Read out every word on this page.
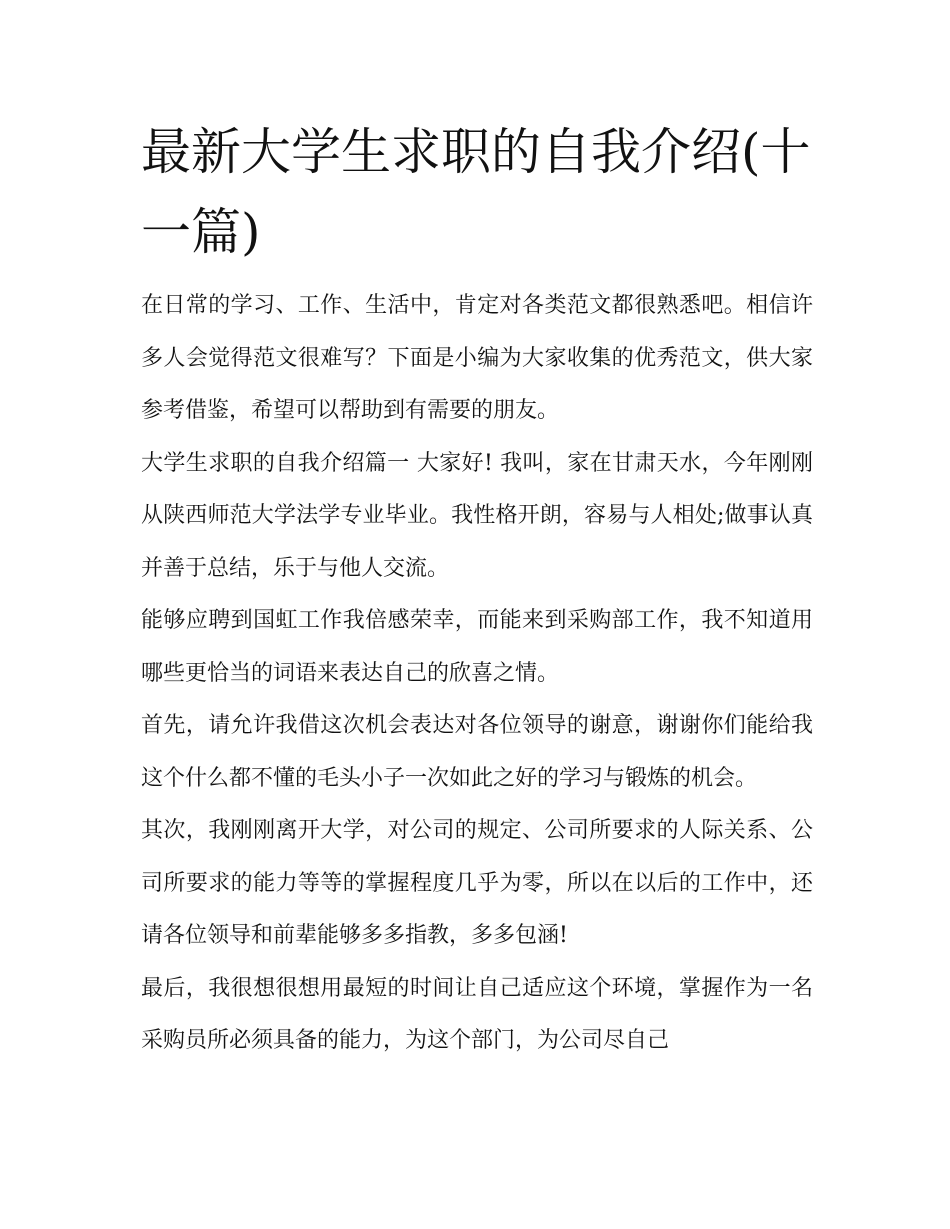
最新大学生求职的自我介绍(十一篇)

在日常的学习、工作、生活中，肯定对各类范文都很熟悉吧。相信许多人会觉得范文很难写？下面是小编为大家收集的优秀范文，供大家参考借鉴，希望可以帮助到有需要的朋友。

大学生求职的自我介绍篇一 大家好! 我叫，家在甘肃天水，今年刚刚从陕西师范大学法学专业毕业。我性格开朗，容易与人相处;做事认真并善于总结，乐于与他人交流。

能够应聘到国虹工作我倍感荣幸，而能来到采购部工作，我不知道用哪些更恰当的词语来表达自己的欣喜之情。

首先，请允许我借这次机会表达对各位领导的谢意，谢谢你们能给我这个什么都不懂的毛头小子一次如此之好的学习与锻炼的机会。

其次，我刚刚离开大学，对公司的规定、公司所要求的人际关系、公司所要求的能力等等的掌握程度几乎为零，所以在以后的工作中，还请各位领导和前辈能够多多指教，多多包涵!

最后，我很想很想用最短的时间让自己适应这个环境，掌握作为一名采购员所必须具备的能力，为这个部门，为公司尽自己
